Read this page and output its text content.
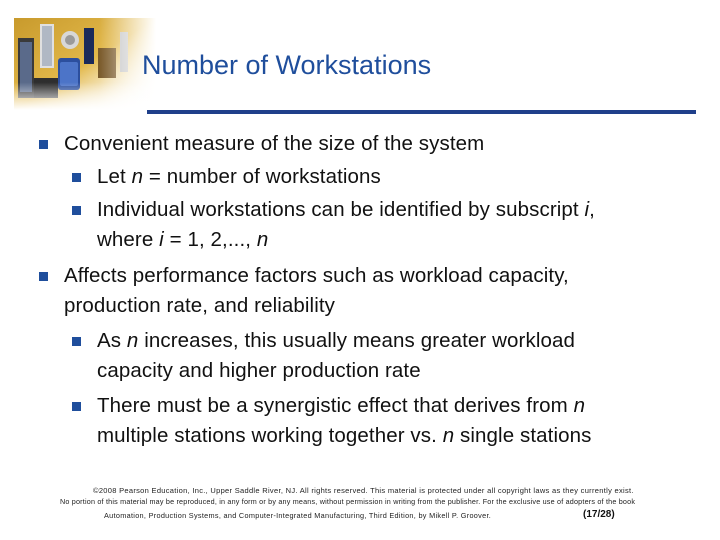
Number of Workstations
Convenient measure of the size of the system
Let n = number of workstations
Individual workstations can be identified by subscript i,
where i = 1, 2,..., n
Affects performance factors such as workload capacity,
production rate, and reliability
As n increases, this usually means greater workload
capacity and higher production rate
There must be a synergistic effect that derives from n
multiple stations working together vs. n single stations
©2008 Pearson Education, Inc., Upper Saddle River, NJ. All rights reserved. This material is protected under all copyright laws as they currently exist.
No portion of this material may be reproduced, in any form or by any means, without permission in writing from the publisher. For the exclusive use of adopters of the book
Automation, Production Systems, and Computer-Integrated Manufacturing, Third Edition, by Mikell P. Groover.	(17/28)
